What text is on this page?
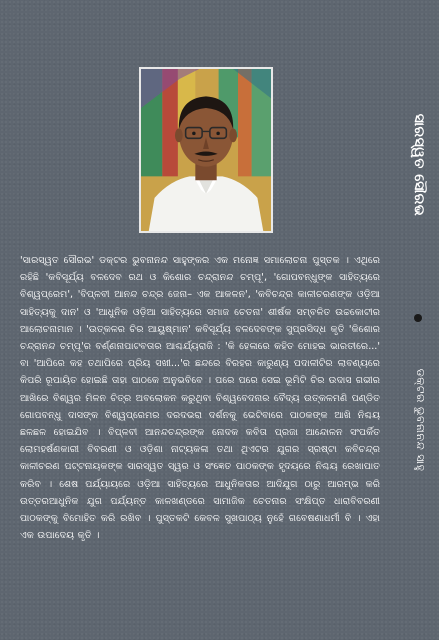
'ସାରସ୍ୱତ ସୌରଭ' ଡକ୍ଟର ଭୁବନାନନ୍ଦ ସାହୁଙ୍କର ଏକ ମନୋଜ୍ଞ ସମାଲୋଚନା ପୁସ୍ତକ । ଏଥିରେ ରହିଛି 'କବିସୂର୍ଯ୍ୟ ବଳଦେବ ରଥ ଓ କିଶୋର ଚନ୍ଦ୍ରାନନ୍ଦ ଚମ୍ପୂ', 'ଗୋପବନ୍ଧୁଙ୍କ ସାହିତ୍ୟରେ ବିଶ୍ୱପ୍ରେମ', 'ବିପ୍ଳବୀ ଆନନ୍ଦ ଚନ୍ଦ୍ର ଜେନା– ଏକ ଆକଳନ', 'କବିଚନ୍ଦ୍ର କାଳୀଚରଣଙ୍କ ଓଡ଼ିଆ ସାହିତ୍ୟକୁ ଦାନ' ଓ 'ଆଧୁନିକ ଓଡ଼ିଆ ସାହିତ୍ୟରେ ସମାଜ ଚେତନା' ଶୀର୍ଷକ ସମ୍ବଳିତ ଉଚ୍ଚକୋଟୀର ଆଲୋଚନାମାନ । 'ଉତ୍କଳର ଚିର ଆୟୁଷ୍ମାନ' କବିସୂର୍ଯ୍ୟ ବଳଦେବଙ୍କ ସୁପ୍ରସିଦ୍ଧ କୃତି 'କିଶୋର ଚନ୍ଦ୍ରାନନ୍ଦ ଚମ୍ପୂ'ର ବର୍ଣ୍ଣନାପାଟବତାର ଆଶ୍ଚର୍ଯ୍ୟରାଜି : 'କି ହେଳାରେ କହିତ ମୋହଇ ଭାରତୀରେ...' ବା 'ଆପିରେ କହ ତଥାପିରେ ପ୍ରିୟ ସଖୀ...'ର ଛନ୍ଦରେ ବିରହର କାରୁଣ୍ୟ ପଦାଳୀଟିର ଲାବଣ୍ୟରେ କିପରି ରୂପାୟିତ ହୋଇଛି ତାହା ପାଠକେ ଅନୁଭବିବେ । ପରେ ପରେ ସେଇ ଭୂମିଟି ଚିର ଉଦାସ ଗଭୀର ଆଖିରେ ବିଶ୍ୱର ମିଳନ ଚିତ୍ର ଅବଲୋକନ କରୁଥିବା ବିଶ୍ୱବେଦନାର ବୈଦ୍ୟ ଉତ୍କଳମଣି ପଣ୍ଡିତ ଗୋପବନ୍ଧୁ ଦାସଙ୍କ ବିଶ୍ୱପ୍ରେମର ଦରଦଭରା ଦର୍ଶନକୁ ଭେଟିବାରେ ପାଠକଙ୍କ ଆଖି ନିଶ୍ଚୟ ଛଳଛଳ ହୋଇଯିବ । ବିପ୍ଳବୀ ଆନନ୍ଦଚନ୍ଦ୍ରଙ୍କ ନୋଦକ କବିତା ପ୍ରଜା ଆନ୍ଦୋଳନ ସଂପର୍କିତ ଲୋମହର୍ଷଣକାରୀ ବିବରଣୀ ଓ ଓଡ଼ିଶା ନାଟ୍ୟକଳା ତଥା ଥିଏଟର ଯୁଗର ସ୍ରଷ୍ଟା କବିଚନ୍ଦ୍ର କାଳୀଚରଣ ପଟ୍ଟନାୟକଙ୍କ ସାରସ୍ୱତ ସ୍ୱର ଓ ସଂଜ୍ଞେତ ପାଠକଙ୍କ ହୃଦୟରେ ନିଶ୍ଚୟ ରେଖାପାତ କରିବ । ଶେଷ ପର୍ଯ୍ୟାୟରେ ଓଡ଼ିଆ ସାହିତ୍ୟରେ ଆଧୁନିକତାର ଆଦିଯୁଗ ଠାରୁ ଆରମ୍ଭ କରି ଉତ୍ତରଆଧୁନିକ ଯୁଗ ପର୍ଯ୍ୟନ୍ତ କାଳଖଣ୍ଡରେ ସାମାଜିକ ଚେତନାର ସଂକ୍ଷିପ୍ତ ଧାରାବିବରଣୀ ପାଠକଙ୍କୁ ବିମୋହିତ କରି ରଖିବ । ପୁସ୍ତକଟି କେବଳ ସୁଖପାଠ୍ୟ ନୁହେଁ ଗବେଷଣାଧର୍ମୀ ବି । ଏହା ଏକ ଉପାଦେୟ କୃତି ।

ସାରସ୍ୱତ ସୌରଭ
ଡକ୍ଟର ଭୁବନାନନ୍ଦ ସାହୁ
